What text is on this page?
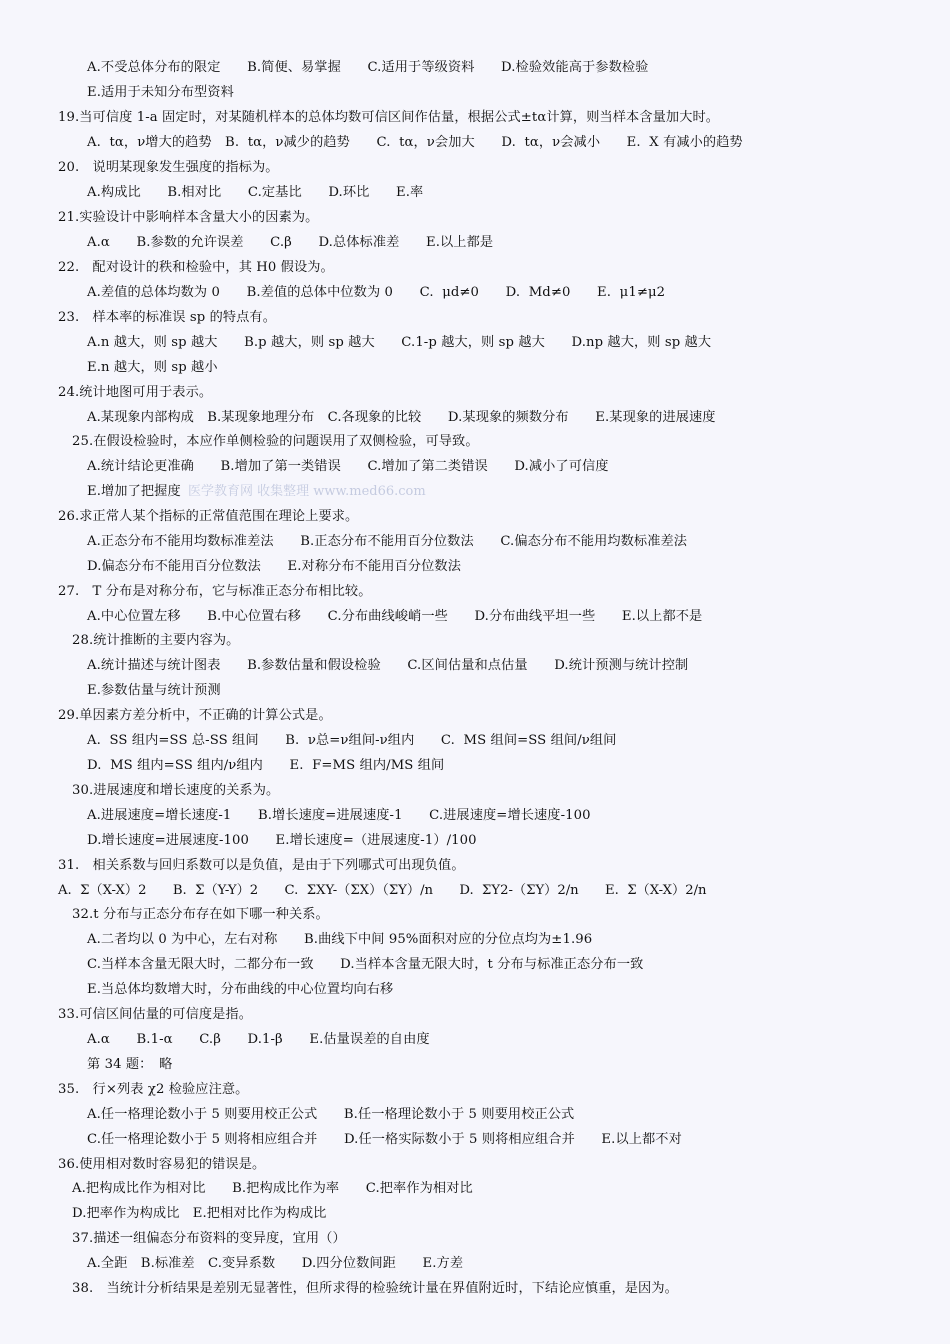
A.不受总体分布的限定　　B.简便、易掌握　　C.适用于等级资料　　D.检验效能高于参数检验
E.适用于未知分布型资料
19.当可信度 1-a 固定时，对某随机样本的总体均数可信区间作估量，根据公式±tα计算，则当样本含量加大时。
A.  tα，ν增大的趋势　B.  tα，ν减少的趋势　　C.  tα，ν会加大　　D.  tα，ν会减小　　E.  X 有减小的趋势
20.　说明某现象发生强度的指标为。
A.构成比　　B.相对比　　C.定基比　　D.环比　　E.率
21.实验设计中影响样本含量大小的因素为。
A.α　　B.参数的允许误差　　C.β　　D.总体标准差　　E.以上都是
22.　配对设计的秩和检验中，其 H0 假设为。
A.差值的总体均数为 0　　B.差值的总体中位数为 0　　C.  μd≠0　　D.  Md≠0　　E.  μ1≠μ2
23.　样本率的标准误 sp 的特点有。
A.n 越大，则 sp 越大　　B.p 越大，则 sp 越大　　C.1-p 越大，则 sp 越大　　D.np 越大，则 sp 越大
E.n 越大，则 sp 越小
24.统计地图可用于表示。
A.某现象内部构成　B.某现象地理分布　C.各现象的比较　　D.某现象的频数分布　　E.某现象的进展速度
25.在假设检验时，本应作单侧检验的问题误用了双侧检验，可导致。
A.统计结论更准确　　B.增加了第一类错误　　C.增加了第二类错误　　D.减小了可信度
E.增加了把握度 医学教育网 收集整理 www.med66.com
26.求正常人某个指标的正常值范围在理论上要求。
A.正态分布不能用均数标准差法　　B.正态分布不能用百分位数法　　C.偏态分布不能用均数标准差法
D.偏态分布不能用百分位数法　　E.对称分布不能用百分位数法
27.　T 分布是对称分布，它与标准正态分布相比较。
A.中心位置左移　　B.中心位置右移　　C.分布曲线峻峭一些　　D.分布曲线平坦一些　　E.以上都不是
28.统计推断的主要内容为。
A.统计描述与统计图表　　B.参数估量和假设检验　　C.区间估量和点估量　　D.统计预测与统计控制
E.参数估量与统计预测
29.单因素方差分析中，不正确的计算公式是。
A.  SS 组内=SS 总-SS 组间　　B.  ν总=ν组间-ν组内　　C.  MS 组间=SS 组间/ν组间
D.  MS 组内=SS 组内/ν组内　　E.  F=MS 组内/MS 组间
30.进展速度和增长速度的关系为。
A.进展速度=增长速度-1　　B.增长速度=进展速度-1　　C.进展速度=增长速度-100
D.增长速度=进展速度-100　　E.增长速度=（进展速度-1）/100
31.　相关系数与回归系数可以是负值，是由于下列哪式可出现负值。
A.  Σ（X-X）2　　B.  Σ（Y-Y）2　　C.  ΣXY-（ΣX）（ΣY）/n　　D.  ΣY2-（ΣY）2/n　　E.  Σ（X-X）2/n
32.t 分布与正态分布存在如下哪一种关系。
A.二者均以 0 为中心，左右对称　　B.曲线下中间 95%面积对应的分位点均为±1.96
C.当样本含量无限大时，二都分布一致　　D.当样本含量无限大时，t 分布与标准正态分布一致
E.当总体均数增大时，分布曲线的中心位置均向右移
33.可信区间估量的可信度是指。
A.α　　B.1-α　　C.β　　D.1-β　　E.估量误差的自由度
第 34 题：　略
35.　行×列表 χ2 检验应注意。
A.任一格理论数小于 5 则要用校正公式　　B.任一格理论数小于 5 则要用校正公式
C.任一格理论数小于 5 则将相应组合并　　D.任一格实际数小于 5 则将相应组合并　　E.以上都不对
36.使用相对数时容易犯的错误是。
A.把构成比作为相对比　　B.把构成比作为率　　C.把率作为相对比
D.把率作为构成比　E.把相对比作为构成比
37.描述一组偏态分布资料的变异度，宜用（）
A.全距　B.标准差　C.变异系数　　D.四分位数间距　　E.方差
38.　当统计分析结果是差别无显著性，但所求得的检验统计量在界值附近时，下结论应慎重，是因为。
